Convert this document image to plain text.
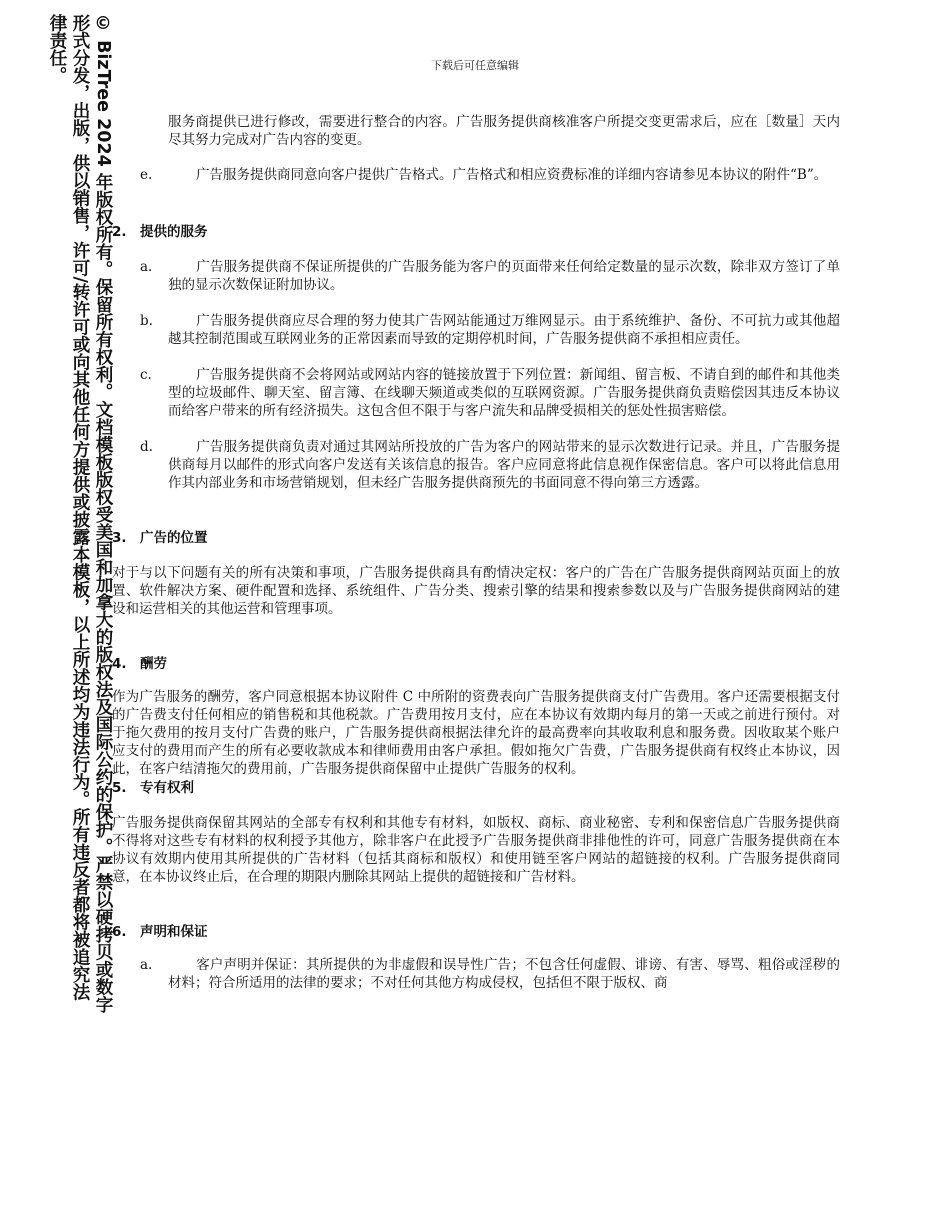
© BizTree 2024 年版权所有。保留所有权利。文档模板版权受美国和加拿大的版权法及国际公约的保护。严禁以硬拷贝或数字形式分发，出版，供以销售，许可/转许可或向其他任何方提供或披露本模板，以上所述均为违法行为。所有违反者都将被追究法律责任。	下载后可任意编辑
服务商提供已进行修改，需要进行整合的内容。广告服务提供商核准客户所提交变更需求后，应在［数量］天内尽其努力完成对广告内容的变更。
e.	广告服务提供商同意向客户提供广告格式。广告格式和相应资费标准的详细内容请参见本协议的附件“B”。
2. 提供的服务
a.	广告服务提供商不保证所提供的广告服务能为客户的页面带来任何给定数量的显示次数，除非双方签订了单独的显示次数保证附加协议。
b.	广告服务提供商应尽合理的努力使其广告网站能通过万维网显示。由于系统维护、备份、不可抗力或其他超越其控制范围或互联网业务的正常因素而导致的定期停机时间，广告服务提供商不承担相应责任。
c.	广告服务提供商不会将网站或网站内容的链接放置于下列位置：新闻组、留言板、不请自到的邮件和其他类型的垃圾邮件、聊天室、留言簿、在线聊天频道或类似的互联网资源。广告服务提供商负责赔偿因其违反本协议而给客户带来的所有经济损失。这包含但不限于与客户流失和品牌受损相关的惩处性损害赔偿。
d.	广告服务提供商负责对通过其网站所投放的广告为客户的网站带来的显示次数进行记录。并且，广告服务提供商每月以邮件的形式向客户发送有关该信息的报告。客户应同意将此信息视作保密信息。客户可以将此信息用作其内部业务和市场营销规划，但未经广告服务提供商预先的书面同意不得向第三方透露。
3. 广告的位置

对于与以下问题有关的所有决策和事项，广告服务提供商具有酌情决定权：客户的广告在广告服务提供商网站页面上的放置、软件解决方案、硬件配置和选择、系统组件、广告分类、搜索引擎的结果和搜索参数以及与广告服务提供商网站的建设和运营相关的其他运营和管理事项。

4. 酬劳

作为广告服务的酬劳，客户同意根据本协议附件 C 中所附的资费表向广告服务提供商支付广告费用。客户还需要根据支付的广告费支付任何相应的销售税和其他税款。广告费用按月支付，应在本协议有效期内每月的第一天或之前进行预付。对于拖欠费用的按月支付广告费的账户，广告服务提供商根据法律允许的最高费率向其收取利息和服务费。因收取某个账户应支付的费用而产生的所有必要收款成本和律师费用由客户承担。假如拖欠广告费，广告服务提供商有权终止本协议，因此，在客户结清拖欠的费用前，广告服务提供商保留中止提供广告服务的权利。

5. 专有权利

广告服务提供商保留其网站的全部专有权利和其他专有材料，如版权、商标、商业秘密、专利和保密信息广告服务提供商不得将对这些专有材料的权利授予其他方，除非客户在此授予广告服务提供商非排他性的许可，同意广告服务提供商在本协议有效期内使用其所提供的广告材料（包括其商标和版权）和使用链至客户网站的超链接的权利。广告服务提供商同意，在本协议终止后，在合理的期限内删除其网站上提供的超链接和广告材料。

6. 声明和保证
a.	客户声明并保证：其所提供的为非虚假和误导性广告；不包含任何虚假、诽谤、有害、辱骂、粗俗或淫秽的材料；符合所适用的法律的要求；不对任何其他方构成侵权，包括但不限于版权、商
